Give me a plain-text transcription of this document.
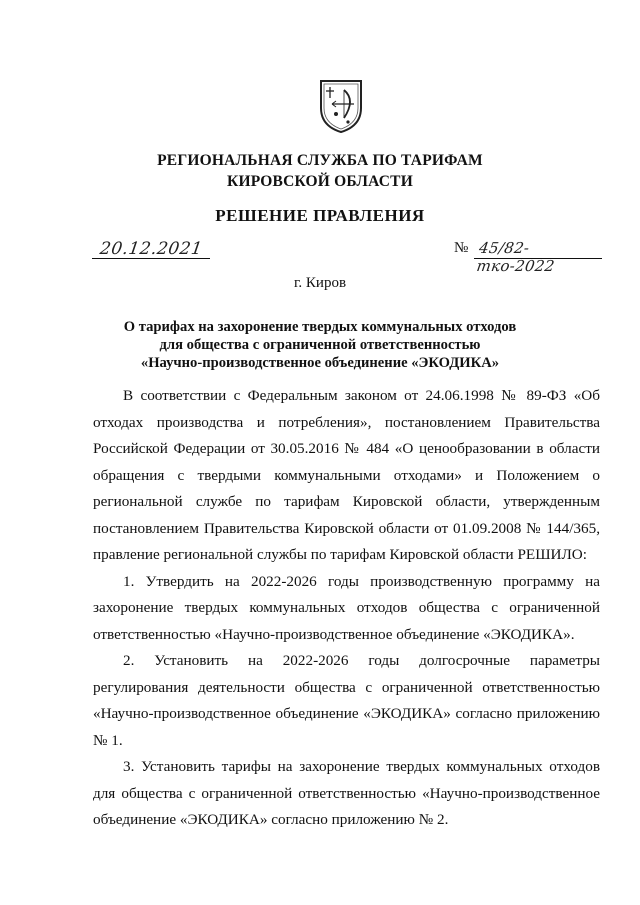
РЕГИОНАЛЬНАЯ СЛУЖБА ПО ТАРИФАМ
КИРОВСКОЙ ОБЛАСТИ
РЕШЕНИЕ ПРАВЛЕНИЯ
20.12.2021	№ 45/82-тко-2022
г. Киров
О тарифах на захоронение твердых коммунальных отходов
для общества с ограниченной ответственностью
«Научно-производственное объединение «ЭКОДИКА»

В соответствии с Федеральным законом от 24.06.1998 № 89-ФЗ «Об отходах производства и потребления», постановлением Правительства Российской Федерации от 30.05.2016 № 484 «О ценообразовании в области обращения с твердыми коммунальными отходами» и Положением о региональной службе по тарифам Кировской области, утвержденным постановлением Правительства Кировской области от 01.09.2008 № 144/365, правление региональной службы по тарифам Кировской области РЕШИЛО:

1. Утвердить на 2022-2026 годы производственную программу на захоронение твердых коммунальных отходов общества с ограниченной ответственностью «Научно-производственное объединение «ЭКОДИКА».

2. Установить на 2022-2026 годы долгосрочные параметры регулирования деятельности общества с ограниченной ответственностью «Научно-производственное объединение «ЭКОДИКА» согласно приложению № 1.

3. Установить тарифы на захоронение твердых коммунальных отходов для общества с ограниченной ответственностью «Научно-производственное объединение «ЭКОДИКА» согласно приложению № 2.
